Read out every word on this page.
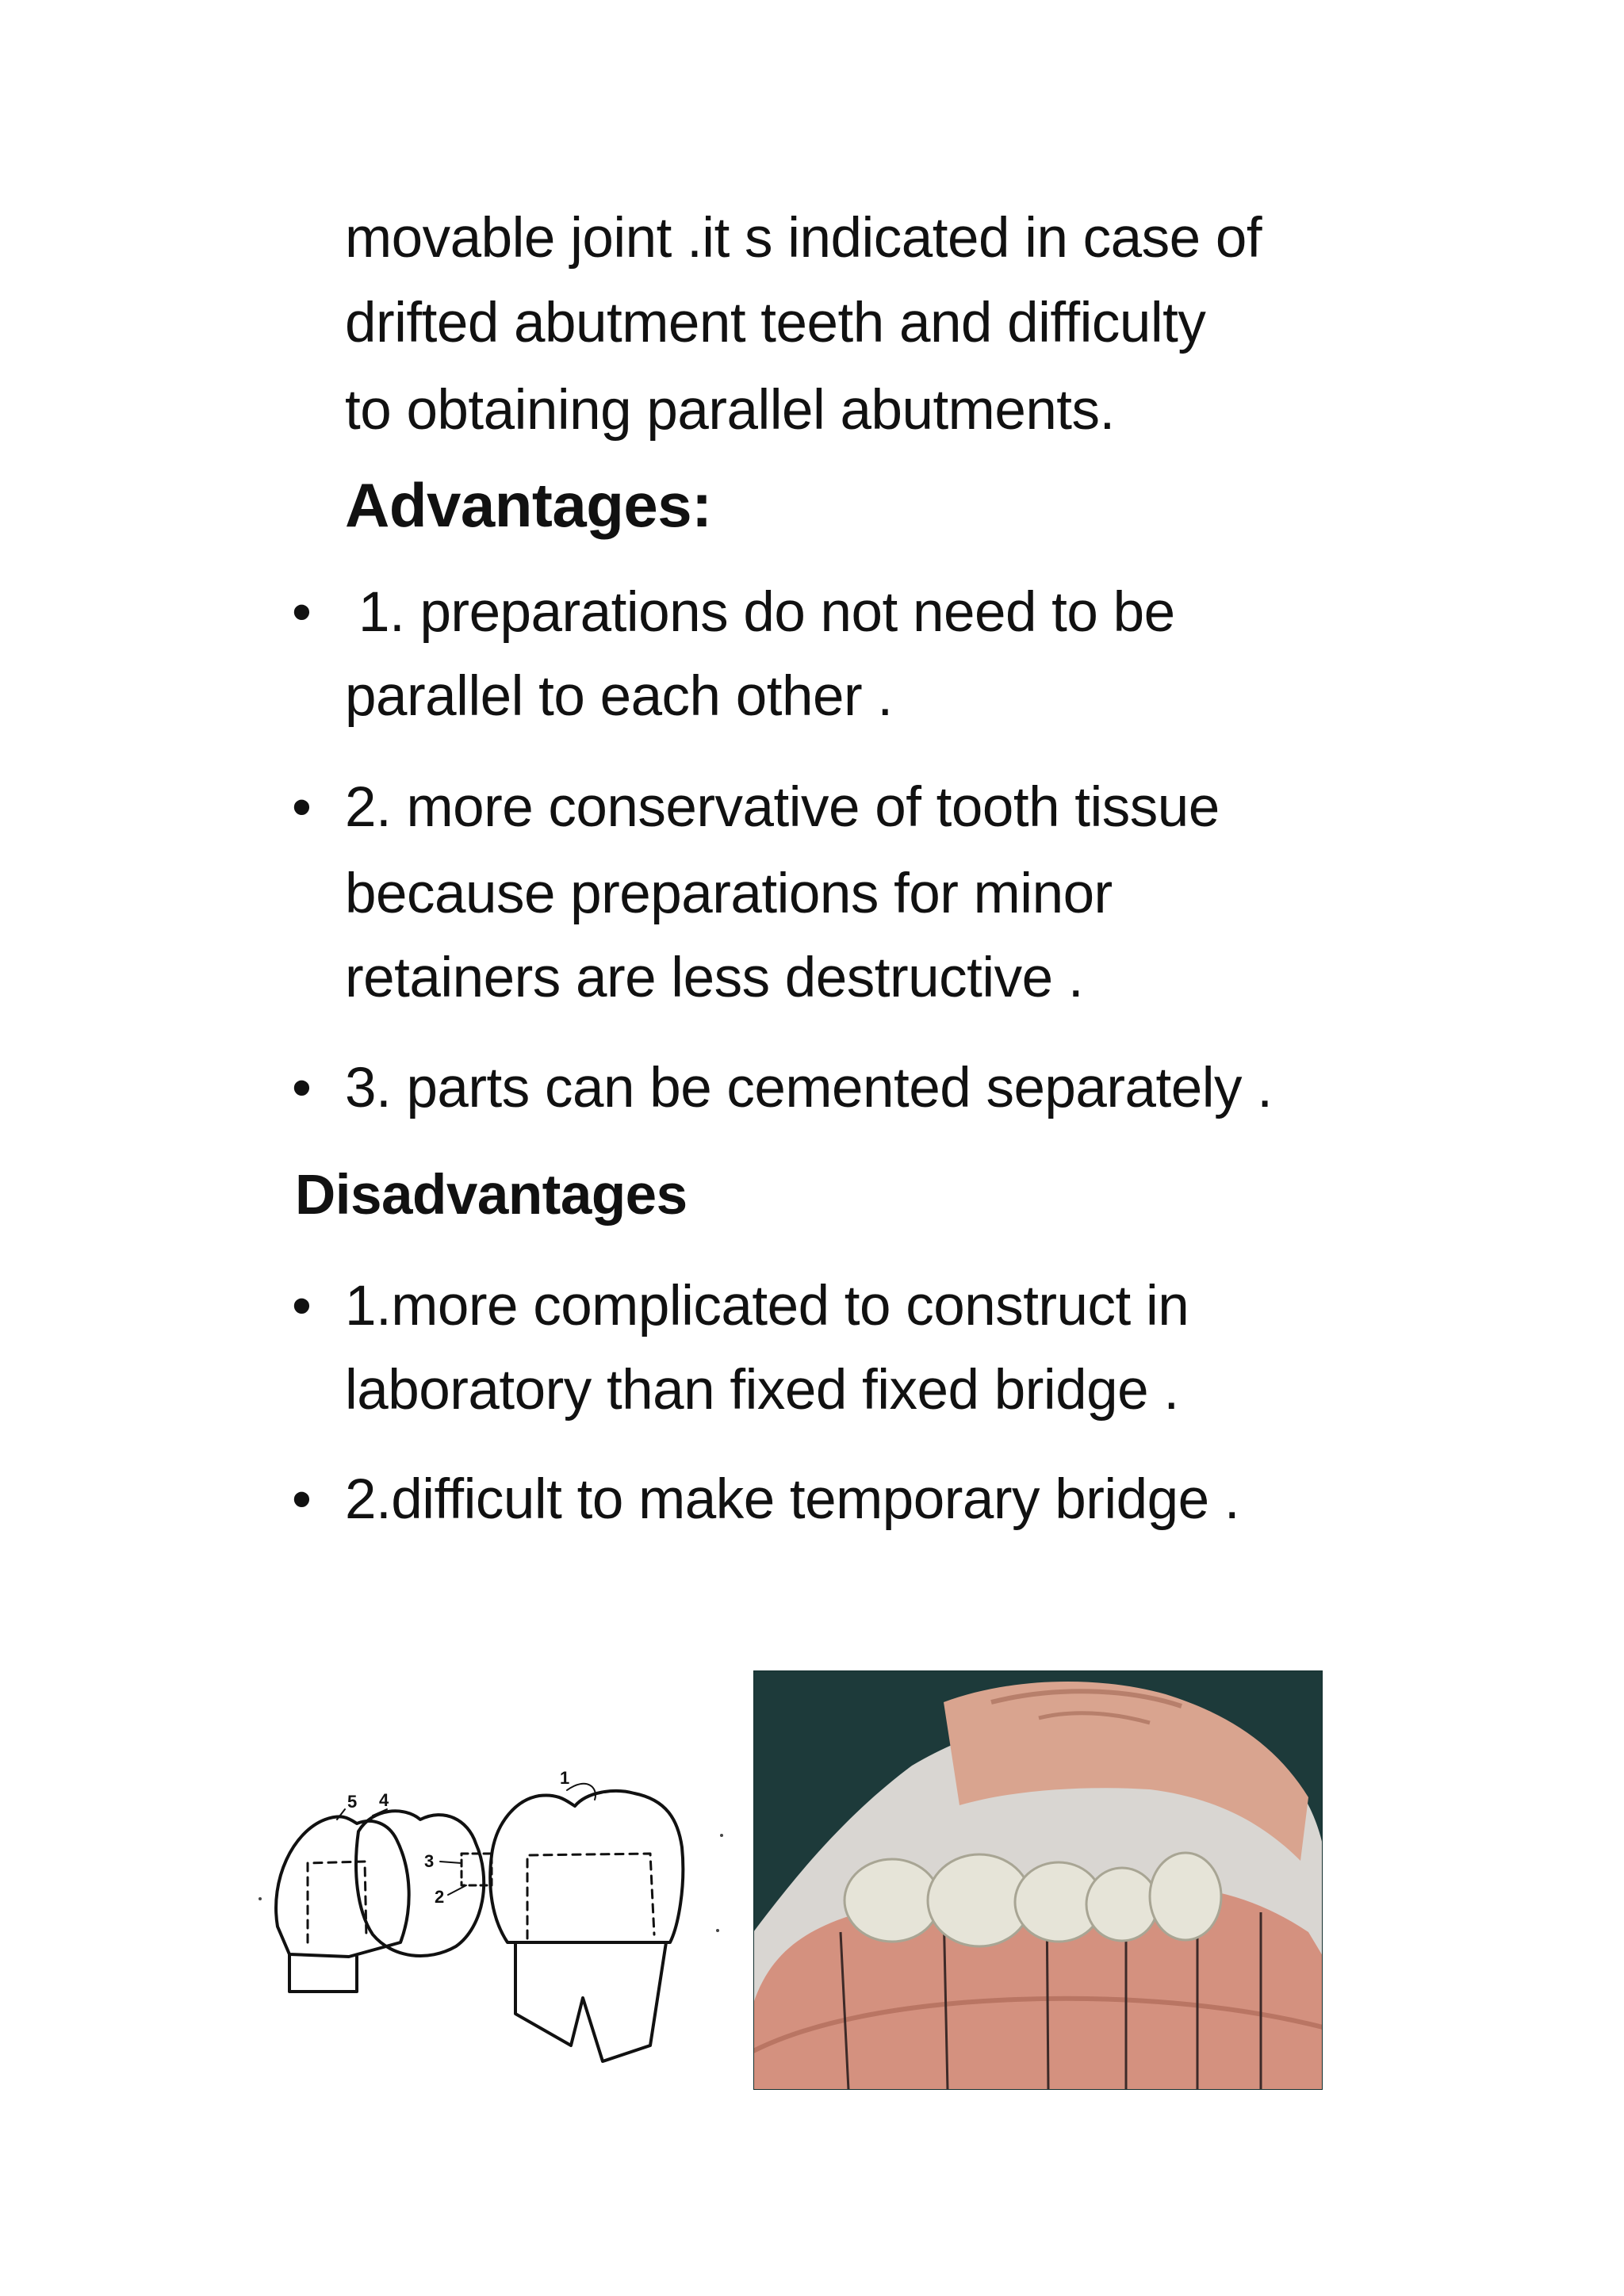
movable joint .it s indicated in case of
drifted abutment teeth and difficulty
to obtaining parallel abutments.
Advantages:
• 1. preparations do not need to be
parallel to each other .
• 2. more conservative of tooth tissue
because preparations for minor
retainers are less destructive .
• 3. parts can be cemented separately .
Disadvantages
• 1.more complicated to construct in
laboratory than fixed fixed bridge .
• 2.difficult to make temporary bridge .
5 4
3
2
1
